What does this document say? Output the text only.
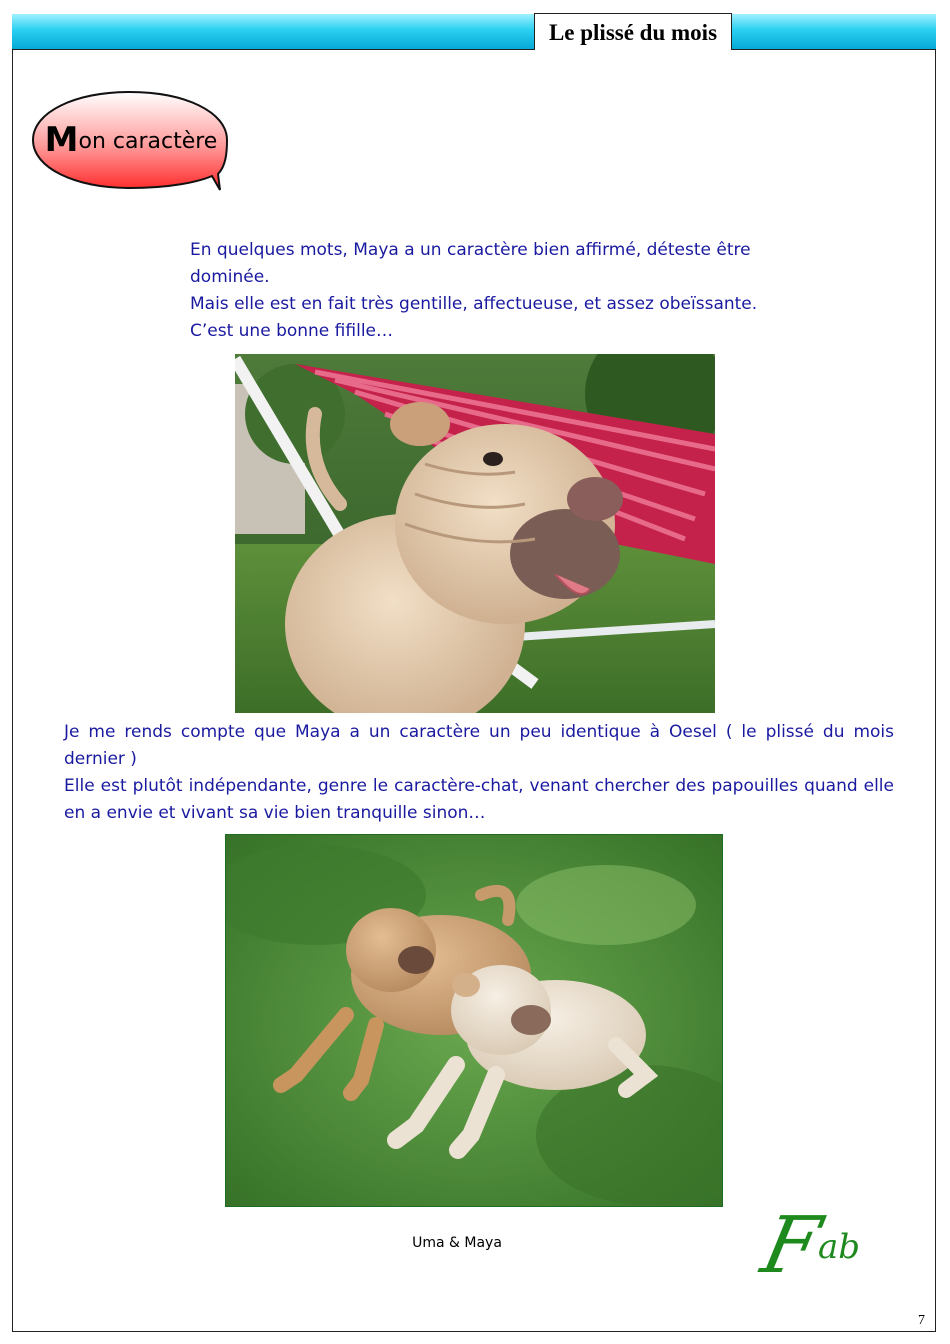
Le plissé du mois
Mon caractère

En quelques mots, Maya a un caractère bien affirmé, déteste être dominée.

Mais elle est en fait très gentille, affectueuse, et assez obeïssante.

C’est une bonne fifille…

Je me rends compte que Maya a un caractère un peu identique à Oesel ( le plissé du mois dernier )

Elle est plutôt indépendante, genre le caractère-chat, venant chercher des papouilles quand elle en a envie et vivant sa vie bien tranquille sinon…

Uma & Maya	F
ab
7
